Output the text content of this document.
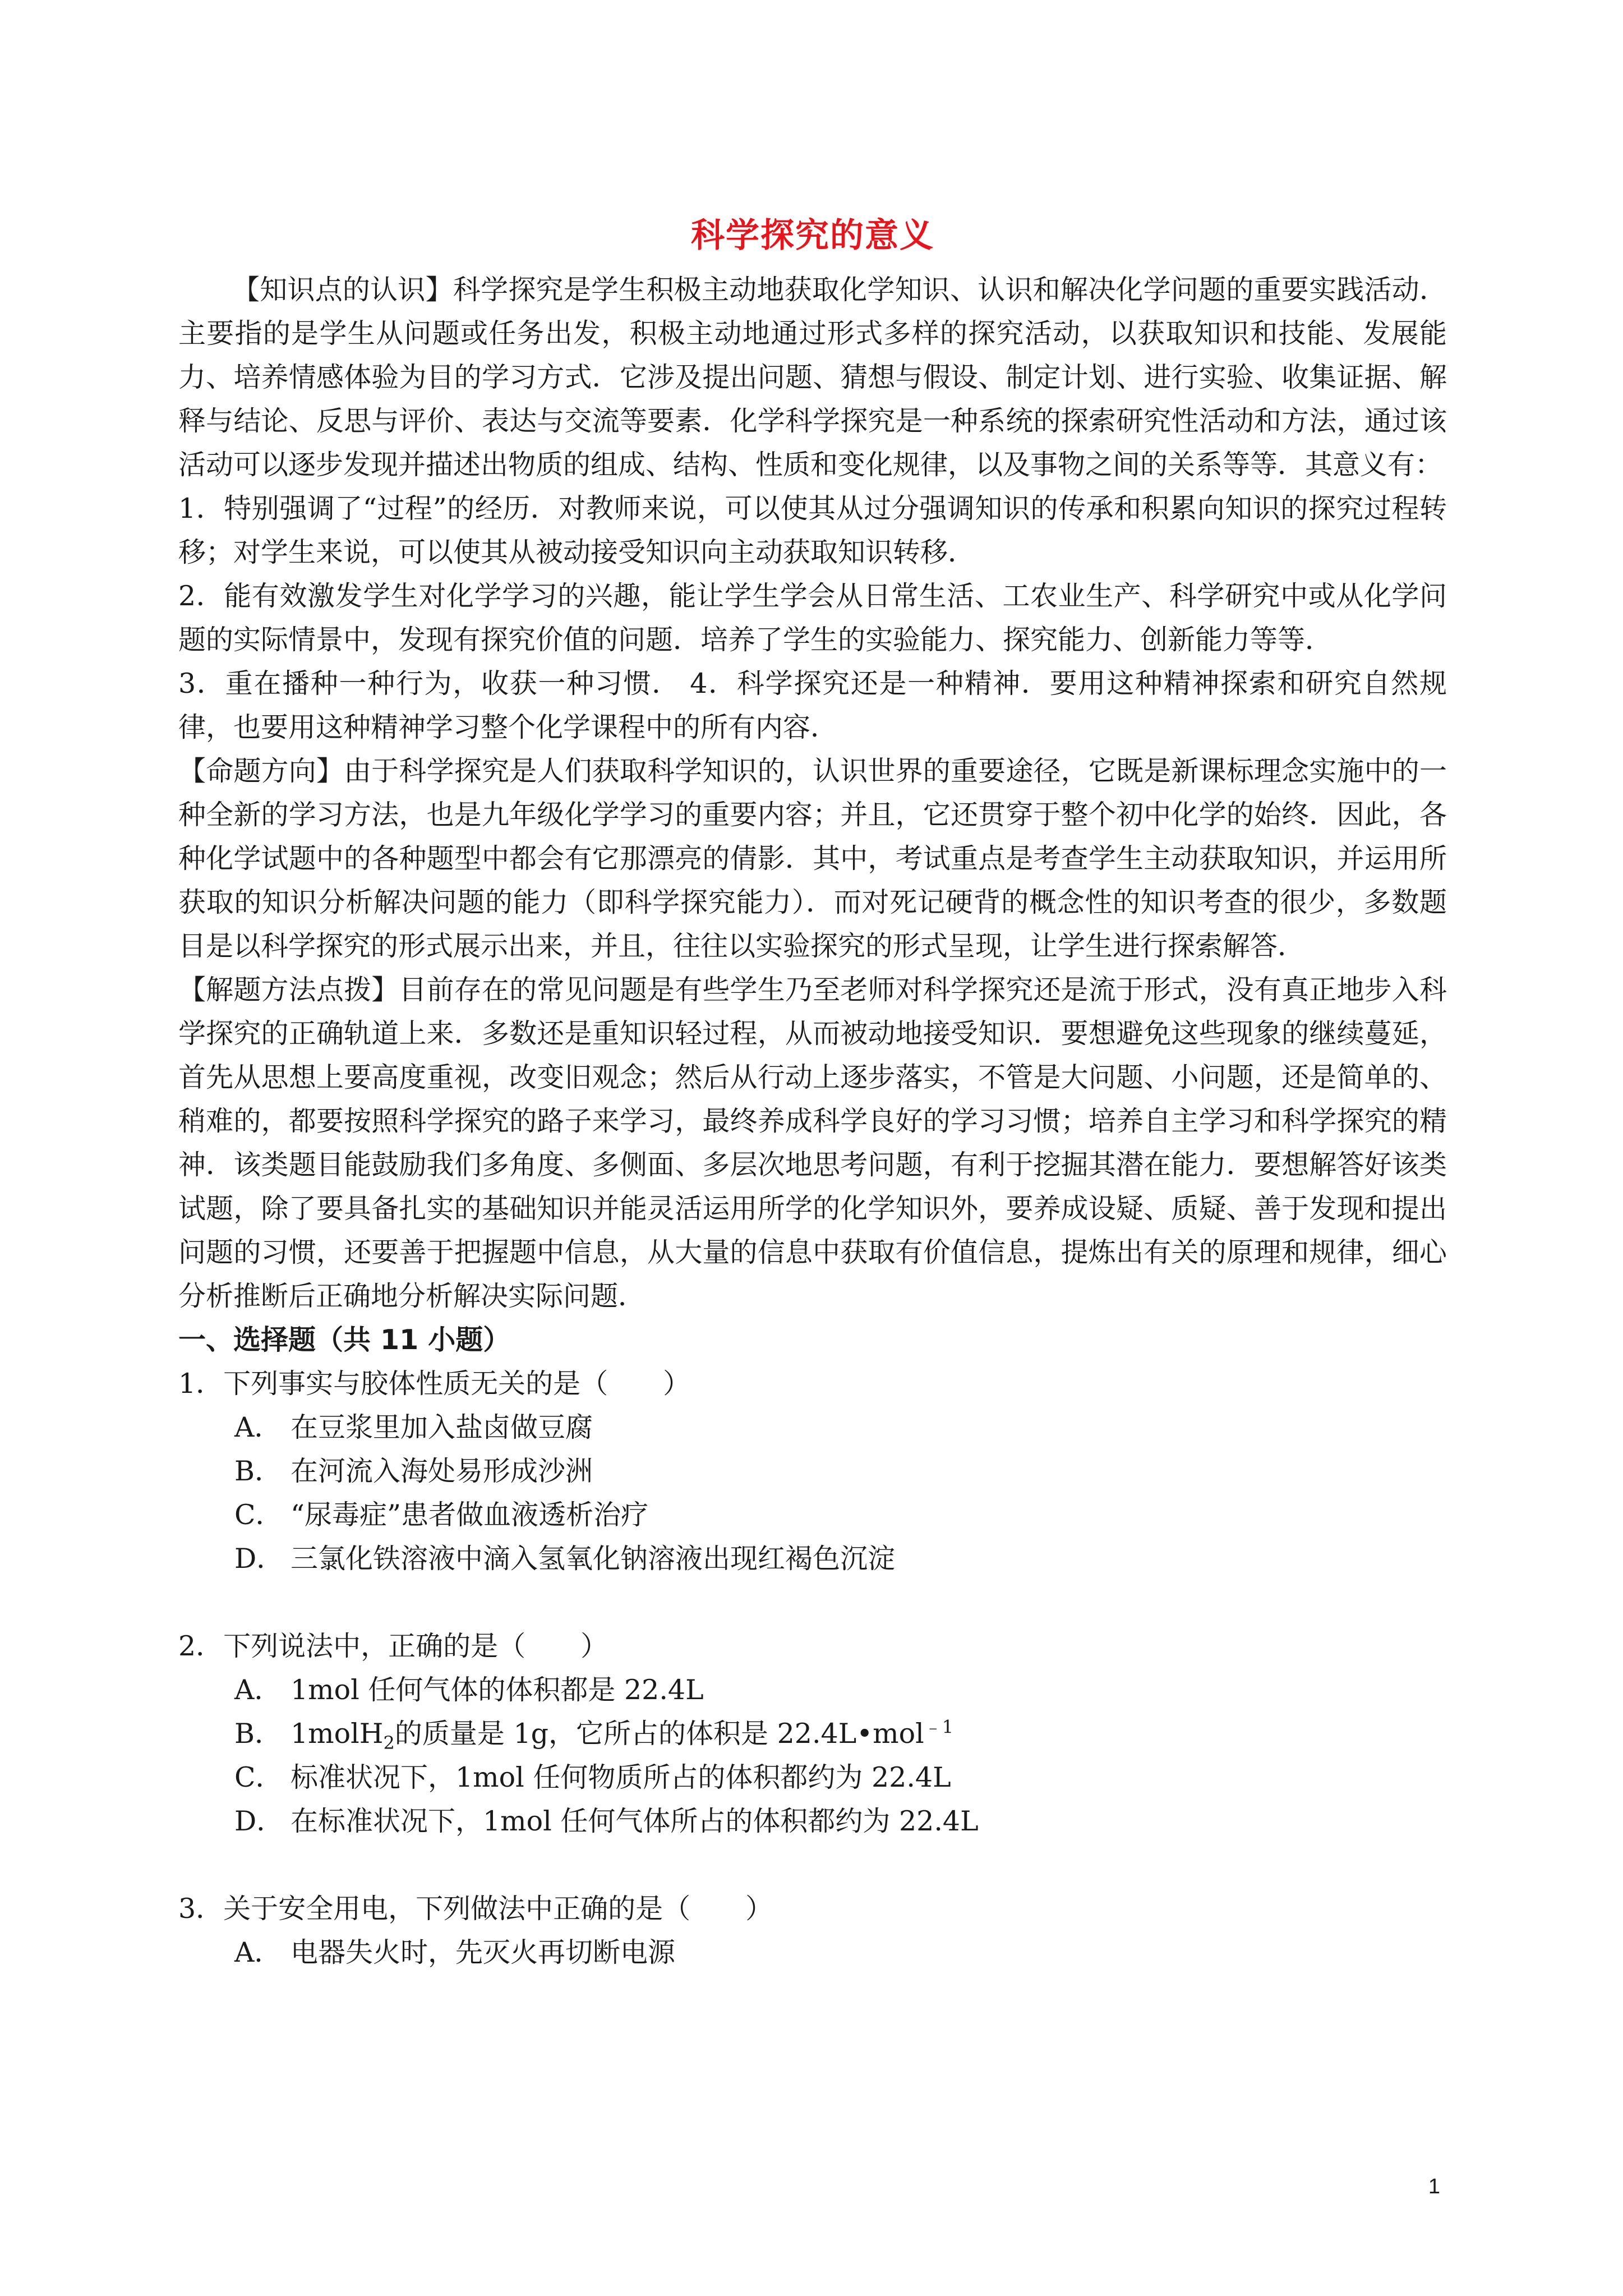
科学探究的意义

【知识点的认识】科学探究是学生积极主动地获取化学知识、认识和解决化学问题的重要实践活动．主要指的是学生从问题或任务出发，积极主动地通过形式多样的探究活动，以获取知识和技能、发展能力、培养情感体验为目的学习方式．它涉及提出问题、猜想与假设、制定计划、进行实验、收集证据、解释与结论、反思与评价、表达与交流等要素．化学科学探究是一种系统的探索研究性活动和方法，通过该活动可以逐步发现并描述出物质的组成、结构、性质和变化规律，以及事物之间的关系等等．其意义有：

1．特别强调了“过程”的经历．对教师来说，可以使其从过分强调知识的传承和积累向知识的探究过程转移；对学生来说，可以使其从被动接受知识向主动获取知识转移．

2．能有效激发学生对化学学习的兴趣，能让学生学会从日常生活、工农业生产、科学研究中或从化学问题的实际情景中，发现有探究价值的问题．培养了学生的实验能力、探究能力、创新能力等等．

3．重在播种一种行为，收获一种习惯． 4．科学探究还是一种精神．要用这种精神探索和研究自然规律，也要用这种精神学习整个化学课程中的所有内容．

【命题方向】由于科学探究是人们获取科学知识的，认识世界的重要途径，它既是新课标理念实施中的一种全新的学习方法，也是九年级化学学习的重要内容；并且，它还贯穿于整个初中化学的始终．因此，各种化学试题中的各种题型中都会有它那漂亮的倩影．其中，考试重点是考查学生主动获取知识，并运用所获取的知识分析解决问题的能力（即科学探究能力）．而对死记硬背的概念性的知识考查的很少，多数题目是以科学探究的形式展示出来，并且，往往以实验探究的形式呈现，让学生进行探索解答．

【解题方法点拨】目前存在的常见问题是有些学生乃至老师对科学探究还是流于形式，没有真正地步入科学探究的正确轨道上来．多数还是重知识轻过程，从而被动地接受知识．要想避免这些现象的继续蔓延，首先从思想上要高度重视，改变旧观念；然后从行动上逐步落实，不管是大问题、小问题，还是简单的、稍难的，都要按照科学探究的路子来学习，最终养成科学良好的学习习惯；培养自主学习和科学探究的精神．该类题目能鼓励我们多角度、多侧面、多层次地思考问题，有利于挖掘其潜在能力．要想解答好该类试题，除了要具备扎实的基础知识并能灵活运用所学的化学知识外，要养成设疑、质疑、善于发现和提出问题的习惯，还要善于把握题中信息，从大量的信息中获取有价值信息，提炼出有关的原理和规律，细心分析推断后正确地分析解决实际问题．

一、选择题（共 11 小题）

1．下列事实与胶体性质无关的是（　　）

A． 在豆浆里加入盐卤做豆腐

B． 在河流入海处易形成沙洲

C． “尿毒症”患者做血液透析治疗

D． 三氯化铁溶液中滴入氢氧化钠溶液出现红褐色沉淀

2．下列说法中，正确的是（　　）

A． 1mol 任何气体的体积都是 22.4L

B． 1molH$_2$的质量是 1g，它所占的体积是 22.4L•mol$^{﹣1}$

C． 标准状况下，1mol 任何物质所占的体积都约为 22.4L

D． 在标准状况下，1mol 任何气体所占的体积都约为 22.4L

3．关于安全用电，下列做法中正确的是（　　）

A． 电器失火时，先灭火再切断电源

1
